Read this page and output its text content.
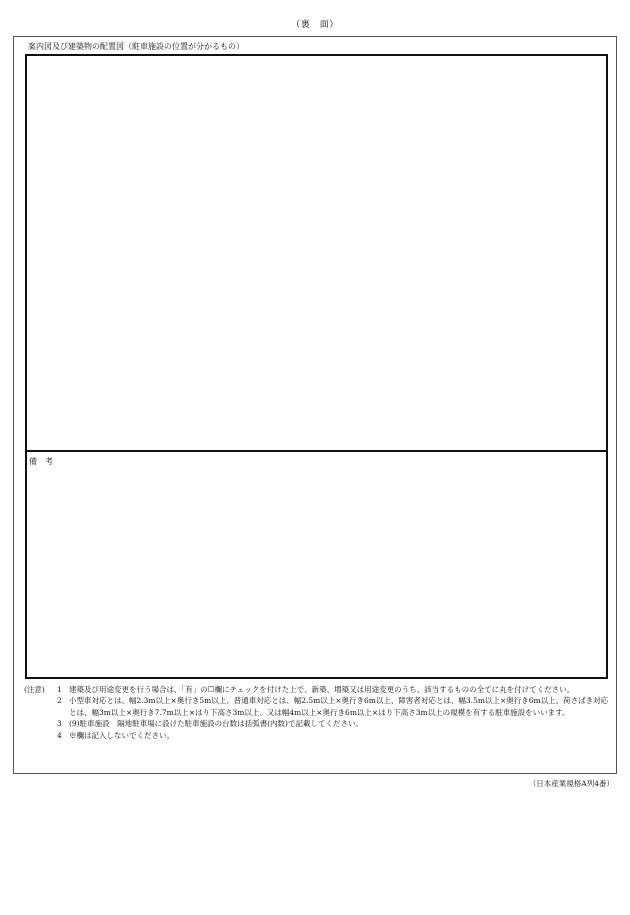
（裏　面）
案内図及び建築物の配置図（駐車施設の位置が分かるもの）
備　考
(注意)	1 建築及び用途変更を行う場合は、「有」の☐欄にチェックを付けた上で、新築、増築又は用途変更のうち、該当するものの全てに丸を付けてください。
2 小型車対応とは、幅2.3m以上×奥行き5m以上、普通車対応とは、幅2.5m以上×奥行き6m以上、障害者対応とは、幅3.5m以上×奥行き6m以上、荷さばき対応とは、幅3m以上×奥行き7.7m以上×はり下高さ3m以上、又は幅4m以上×奥行き6m以上×はり下高さ3m以上の規模を有する駐車施設をいいます。
3 (9)駐車施設　隔地駐車場に設けた駐車施設の台数は括弧書(内数)で記載してください。
4 ※欄は記入しないでください。
（日本産業規格A列4番）
